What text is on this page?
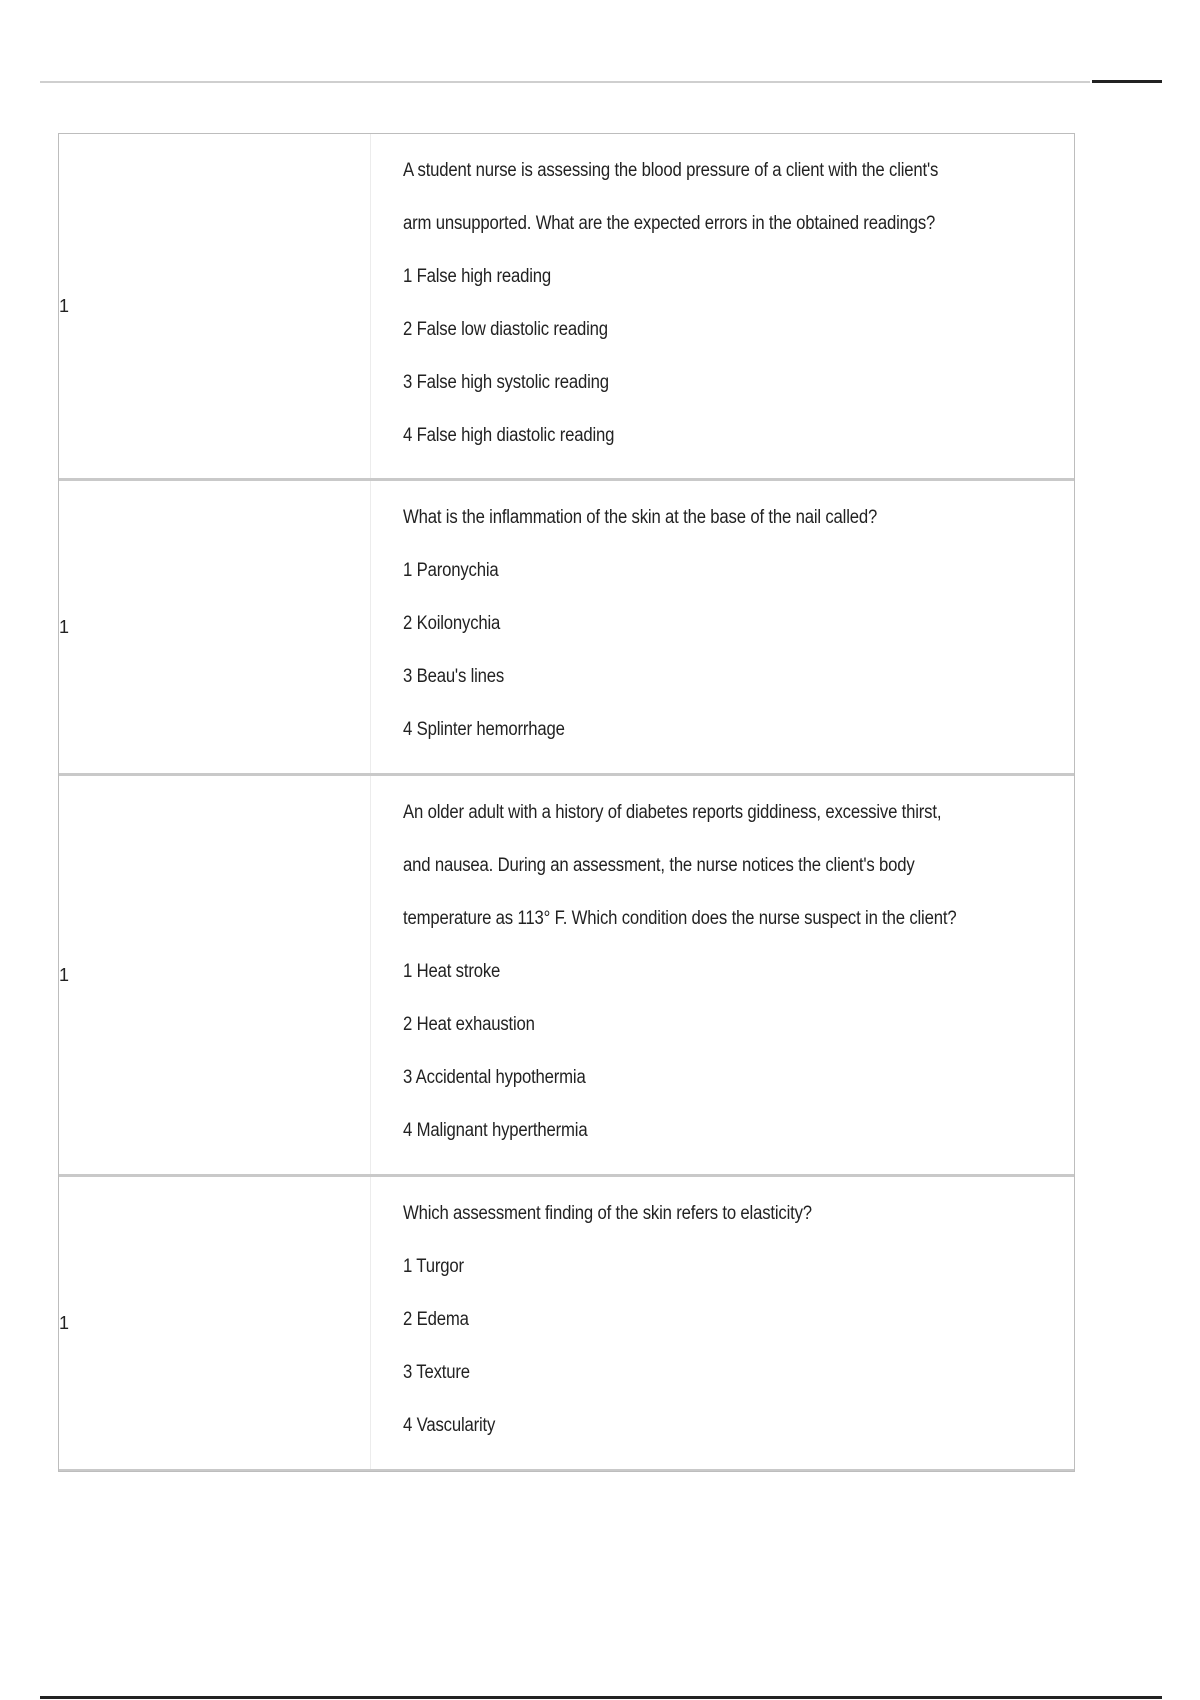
1
A student nurse is assessing the blood pressure of a client with the client's
arm unsupported. What are the expected errors in the obtained readings?
1 False high reading
2 False low diastolic reading
3 False high systolic reading
4 False high diastolic reading
1
What is the inflammation of the skin at the base of the nail called?
1 Paronychia
2 Koilonychia
3 Beau's lines
4 Splinter hemorrhage
1
An older adult with a history of diabetes reports giddiness, excessive thirst,
and nausea. During an assessment, the nurse notices the client's body
temperature as 113° F. Which condition does the nurse suspect in the client?
1 Heat stroke
2 Heat exhaustion
3 Accidental hypothermia
4 Malignant hyperthermia
1
Which assessment finding of the skin refers to elasticity?
1 Turgor
2 Edema
3 Texture
4 Vascularity
